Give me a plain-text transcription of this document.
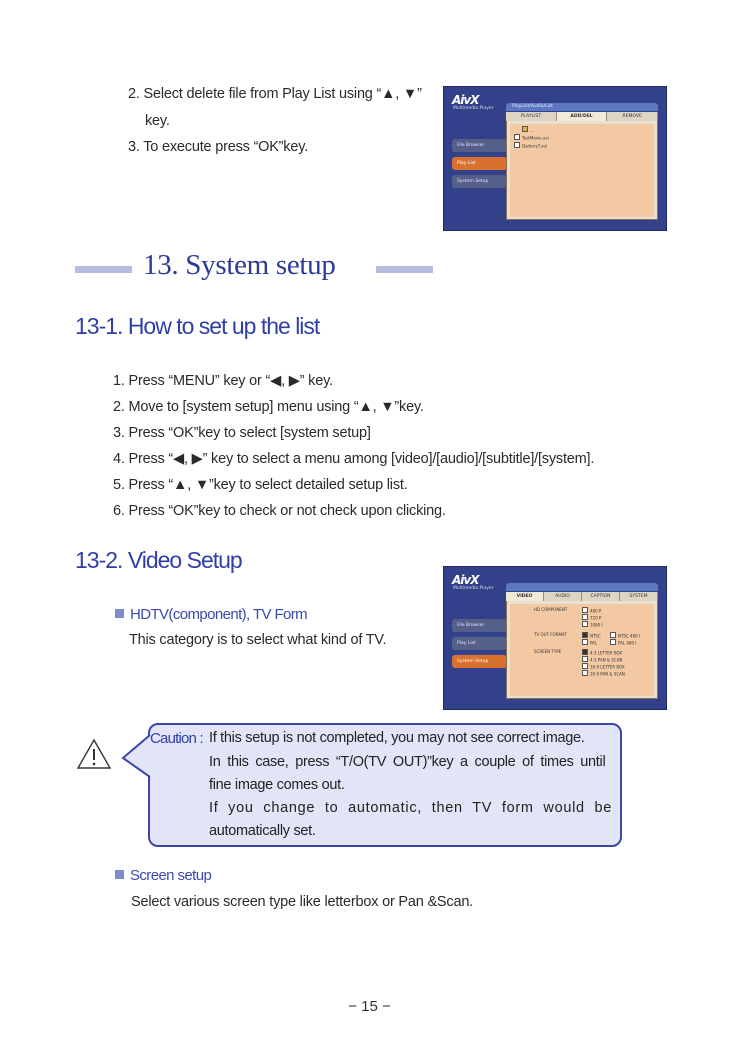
2. Select delete file from Play List using “▲, ▼”
key.
3. To execute press “OK”key.
AivX
Multimedia Player	PlayList/Audio/List
File Browser
Play List
System Setup
PLAYLIST	ADD/DEL	REMOVE
...
TestMovie.avi
DarkeryT.avi
13. System setup
13-1. How to set up the list
1. Press “MENU” key or “◀, ▶” key.
2. Move to [system setup] menu using “▲, ▼”key.
3. Press “OK”key to select [system setup]
4. Press “◀, ▶” key to select a menu among [video]/[audio]/[subtitle]/[system].
5. Press “▲, ▼”key to select detailed setup list.
6. Press “OK”key to check or not check upon clicking.
13-2. Video Setup
HDTV(component), TV Form
This category is to select what kind of TV.
AivX
Multimedia Player
File Browser
Play List
System Setup
VIDEO	AUDIO	CAPTION	SYSTEM
HD COMPONENT	480 P
720 P
1080 I
TV OUT FORMAT	NTSC	NTSC 480 I
PAL	PAL 480 I
SCREEN TYPE	4:3 LETTER BOX
4:3 PAN & SCAN
16:9 LETTER BOX
16:9 PAN & SCAN
Caution : If this setup is not completed, you may not see correct image.
In this case, press “T/O(TV OUT)”key a couple of times until
fine image comes out.
If you change to automatic, then TV form would be
automatically set.
Screen setup
Select various screen type like letterbox or Pan &Scan.
− 15 −
